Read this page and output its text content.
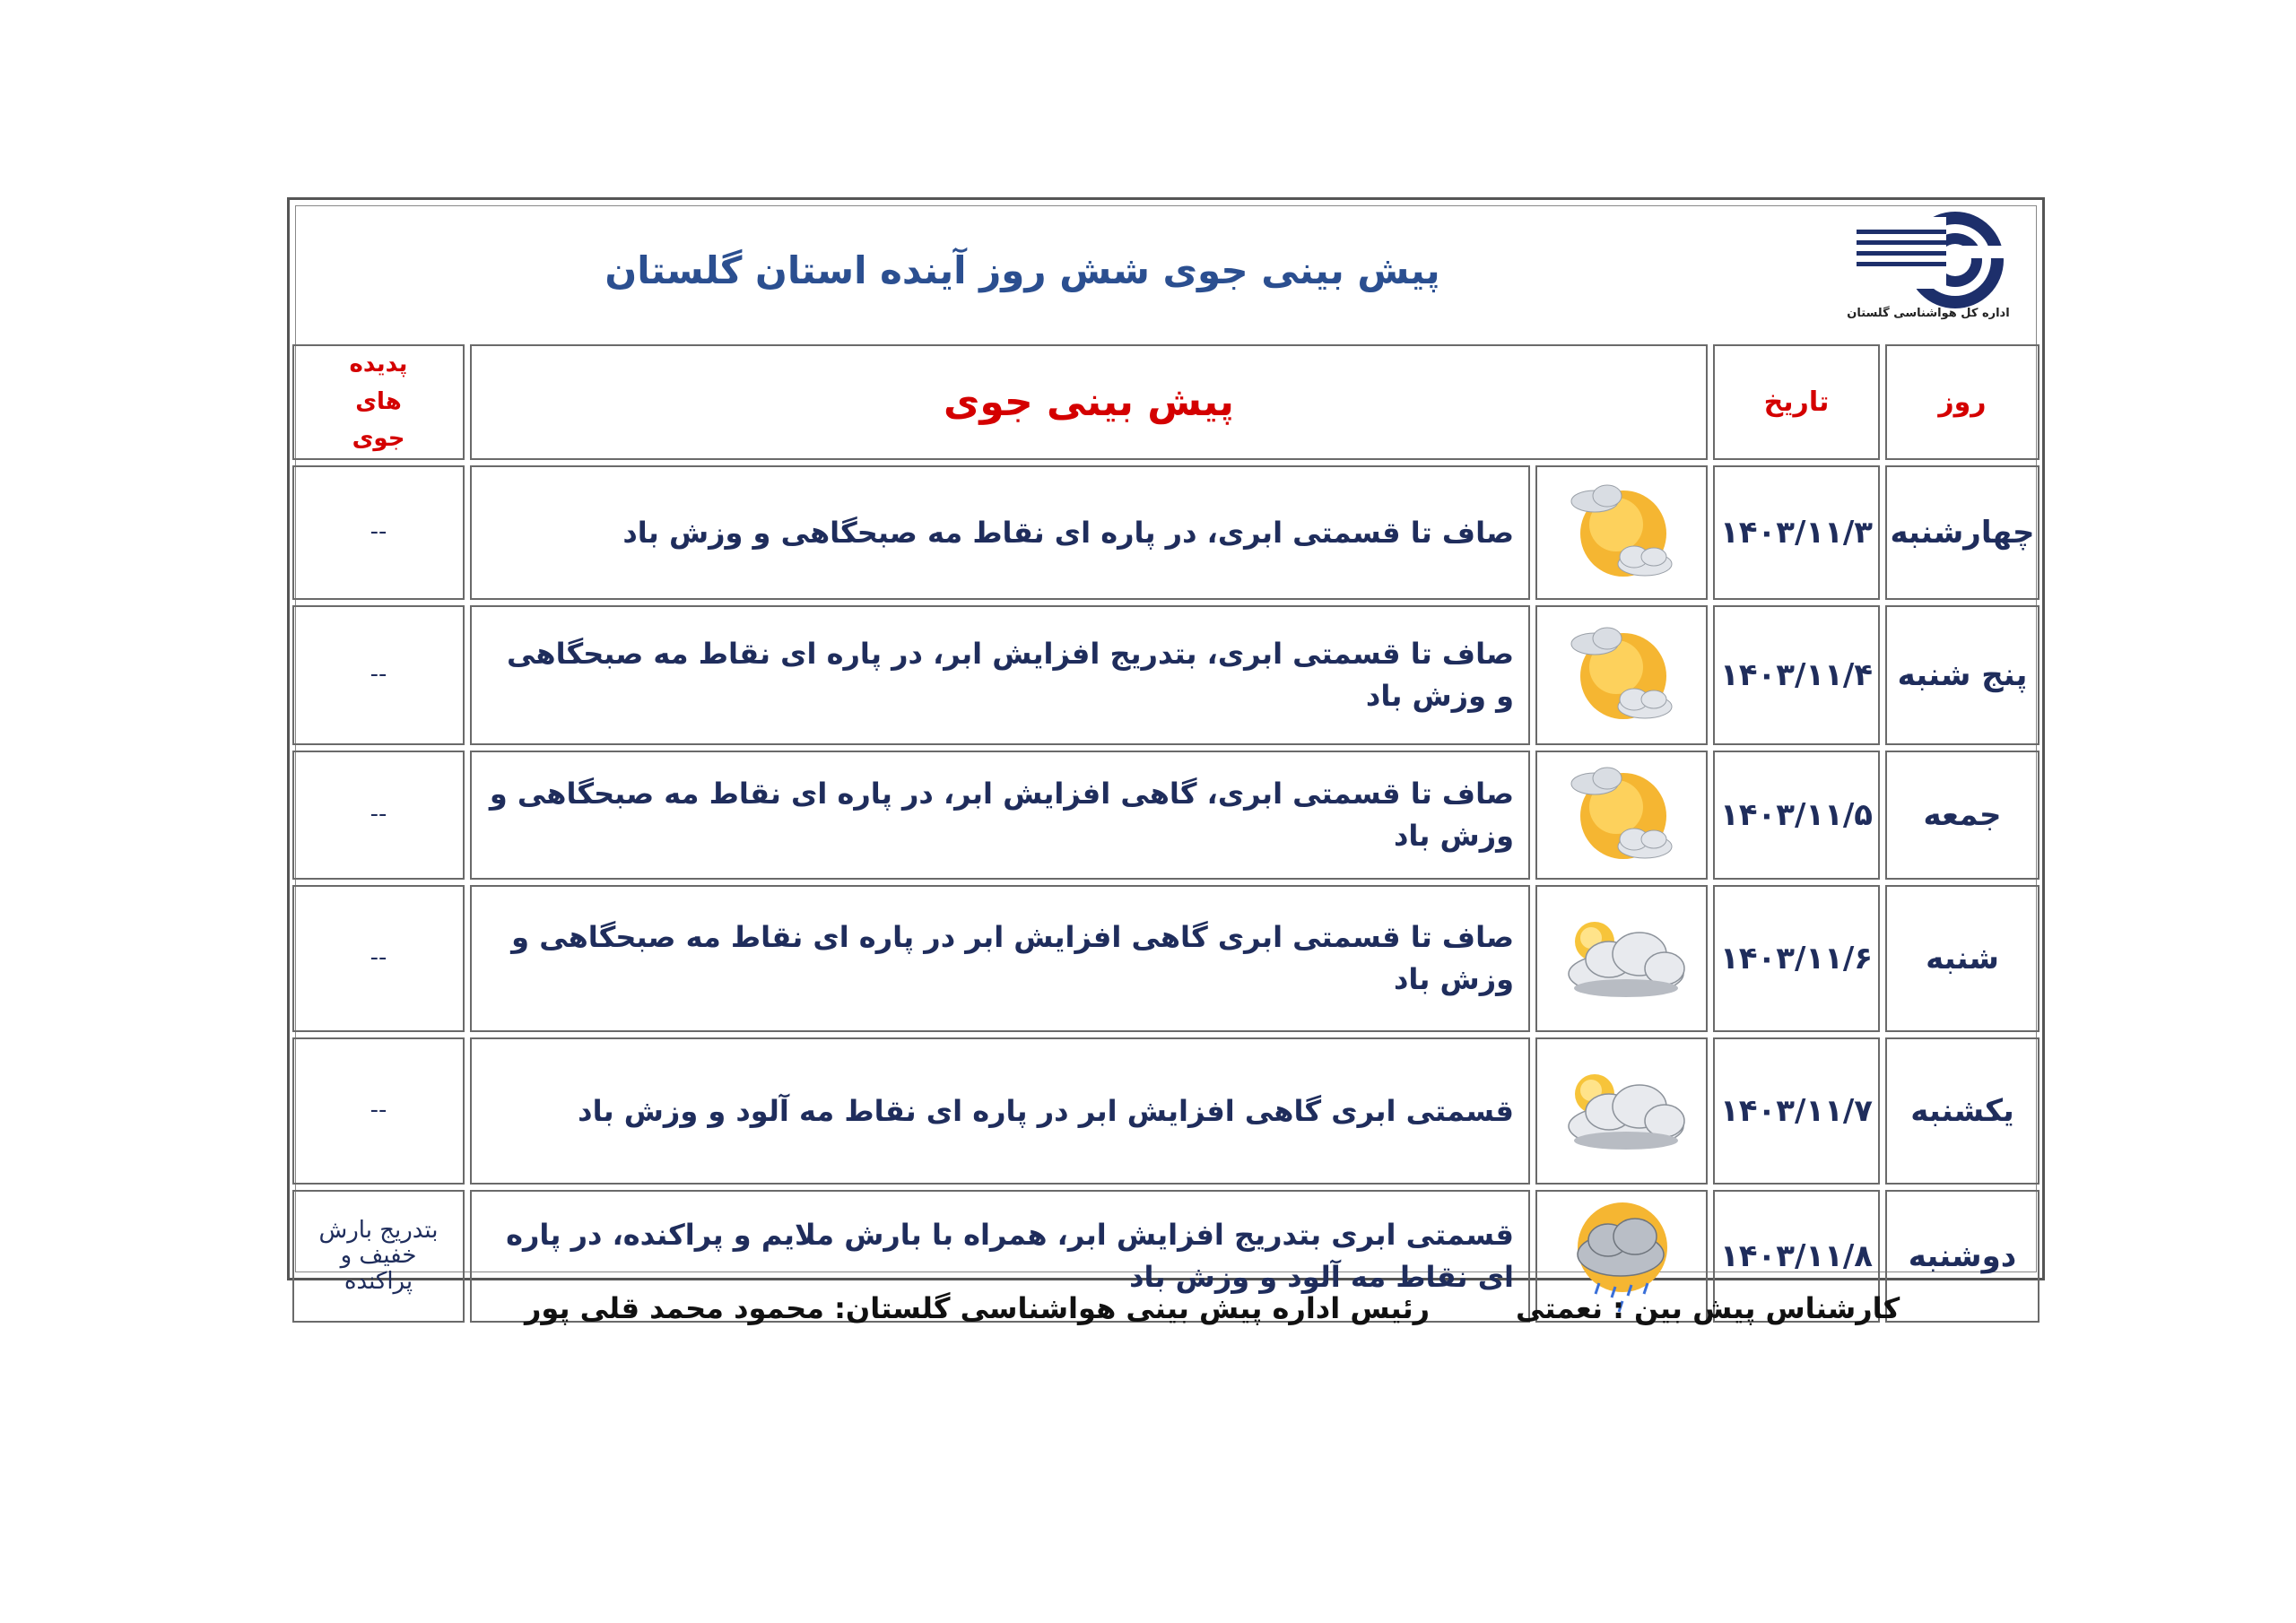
پیش بینی جوی شش روز آینده استان گلستان
اداره کل هواشناسی گلستان
روز	تاریخ	پیش بینی جوی		پدیده های جوی
چهارشنبه	۱۴۰۳/۱۱/۳		صاف تا قسمتی ابری، در پاره ای نقاط مه صبحگاهی و وزش باد	--
پنج شنبه	۱۴۰۳/۱۱/۴		صاف تا قسمتی ابری، بتدریج افزایش ابر، در پاره ای نقاط مه صبحگاهی و وزش باد	--
جمعه	۱۴۰۳/۱۱/۵		صاف تا قسمتی ابری، گاهی افزایش ابر، در پاره ای نقاط مه صبحگاهی و وزش باد	--
شنبه	۱۴۰۳/۱۱/۶		صاف تا قسمتی ابری گاهی افزایش ابر در پاره ای نقاط مه صبحگاهی و وزش باد	--
یکشنبه	۱۴۰۳/۱۱/۷		قسمتی ابری گاهی افزایش ابر در پاره ای نقاط مه آلود و وزش باد	--
دوشنبه	۱۴۰۳/۱۱/۸		قسمتی ابری بتدریج افزایش ابر، همراه با بارش ملایم و پراکنده، در پاره ای نقاط مه آلود و وزش باد	بتدریج بارش خفیف و پراکنده
کارشناس پیش بین : نعمتی
رئیس اداره پیش بینی هواشناسی گلستان: محمود محمد قلی پور
